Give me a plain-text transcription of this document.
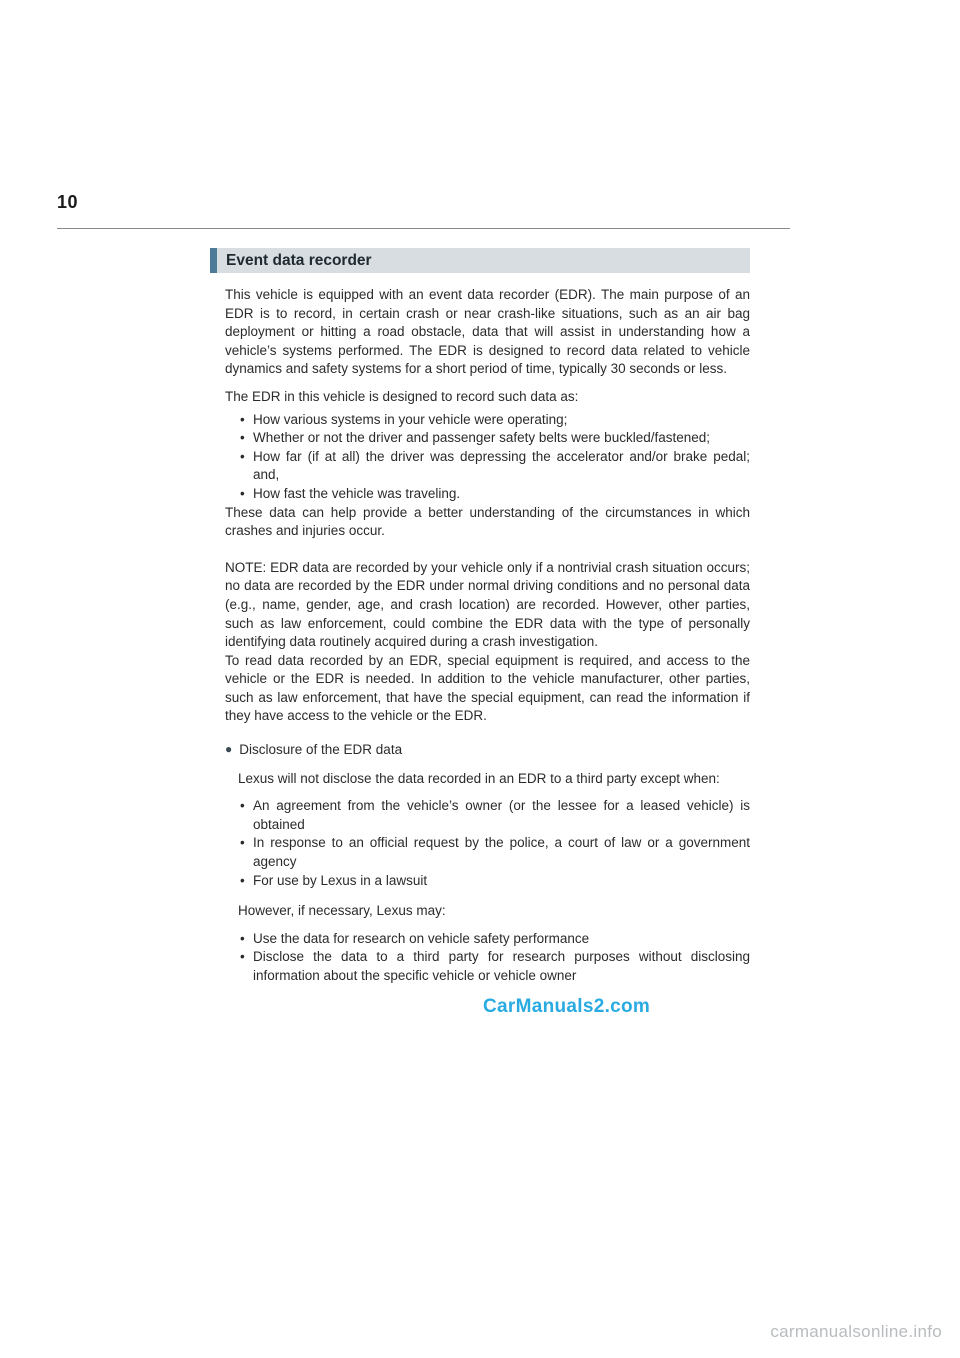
10
Event data recorder

This vehicle is equipped with an event data recorder (EDR). The main purpose of an EDR is to record, in certain crash or near crash-like situations, such as an air bag deployment or hitting a road obstacle, data that will assist in understanding how a vehicle’s systems performed. The EDR is designed to record data related to vehicle dynamics and safety systems for a short period of time, typically 30 seconds or less.

The EDR in this vehicle is designed to record such data as:

• How various systems in your vehicle were operating;
• Whether or not the driver and passenger safety belts were buckled/fastened;
• How far (if at all) the driver was depressing the accelerator and/or brake pedal; and,
• How fast the vehicle was traveling.

These data can help provide a better understanding of the circumstances in which crashes and injuries occur.

NOTE: EDR data are recorded by your vehicle only if a nontrivial crash situation occurs; no data are recorded by the EDR under normal driving conditions and no personal data (e.g., name, gender, age, and crash location) are recorded. However, other parties, such as law enforcement, could combine the EDR data with the type of personally identifying data routinely acquired during a crash investigation.

To read data recorded by an EDR, special equipment is required, and access to the vehicle or the EDR is needed. In addition to the vehicle manufacturer, other parties, such as law enforcement, that have the special equipment, can read the information if they have access to the vehicle or the EDR.

● Disclosure of the EDR data

Lexus will not disclose the data recorded in an EDR to a third party except when:

• An agreement from the vehicle’s owner (or the lessee for a leased vehicle) is obtained
• In response to an official request by the police, a court of law or a government agency
• For use by Lexus in a lawsuit

However, if necessary, Lexus may:

• Use the data for research on vehicle safety performance
• Disclose the data to a third party for research purposes without disclosing information about the specific vehicle or vehicle owner
CarManuals2.com
carmanualsonline.info
